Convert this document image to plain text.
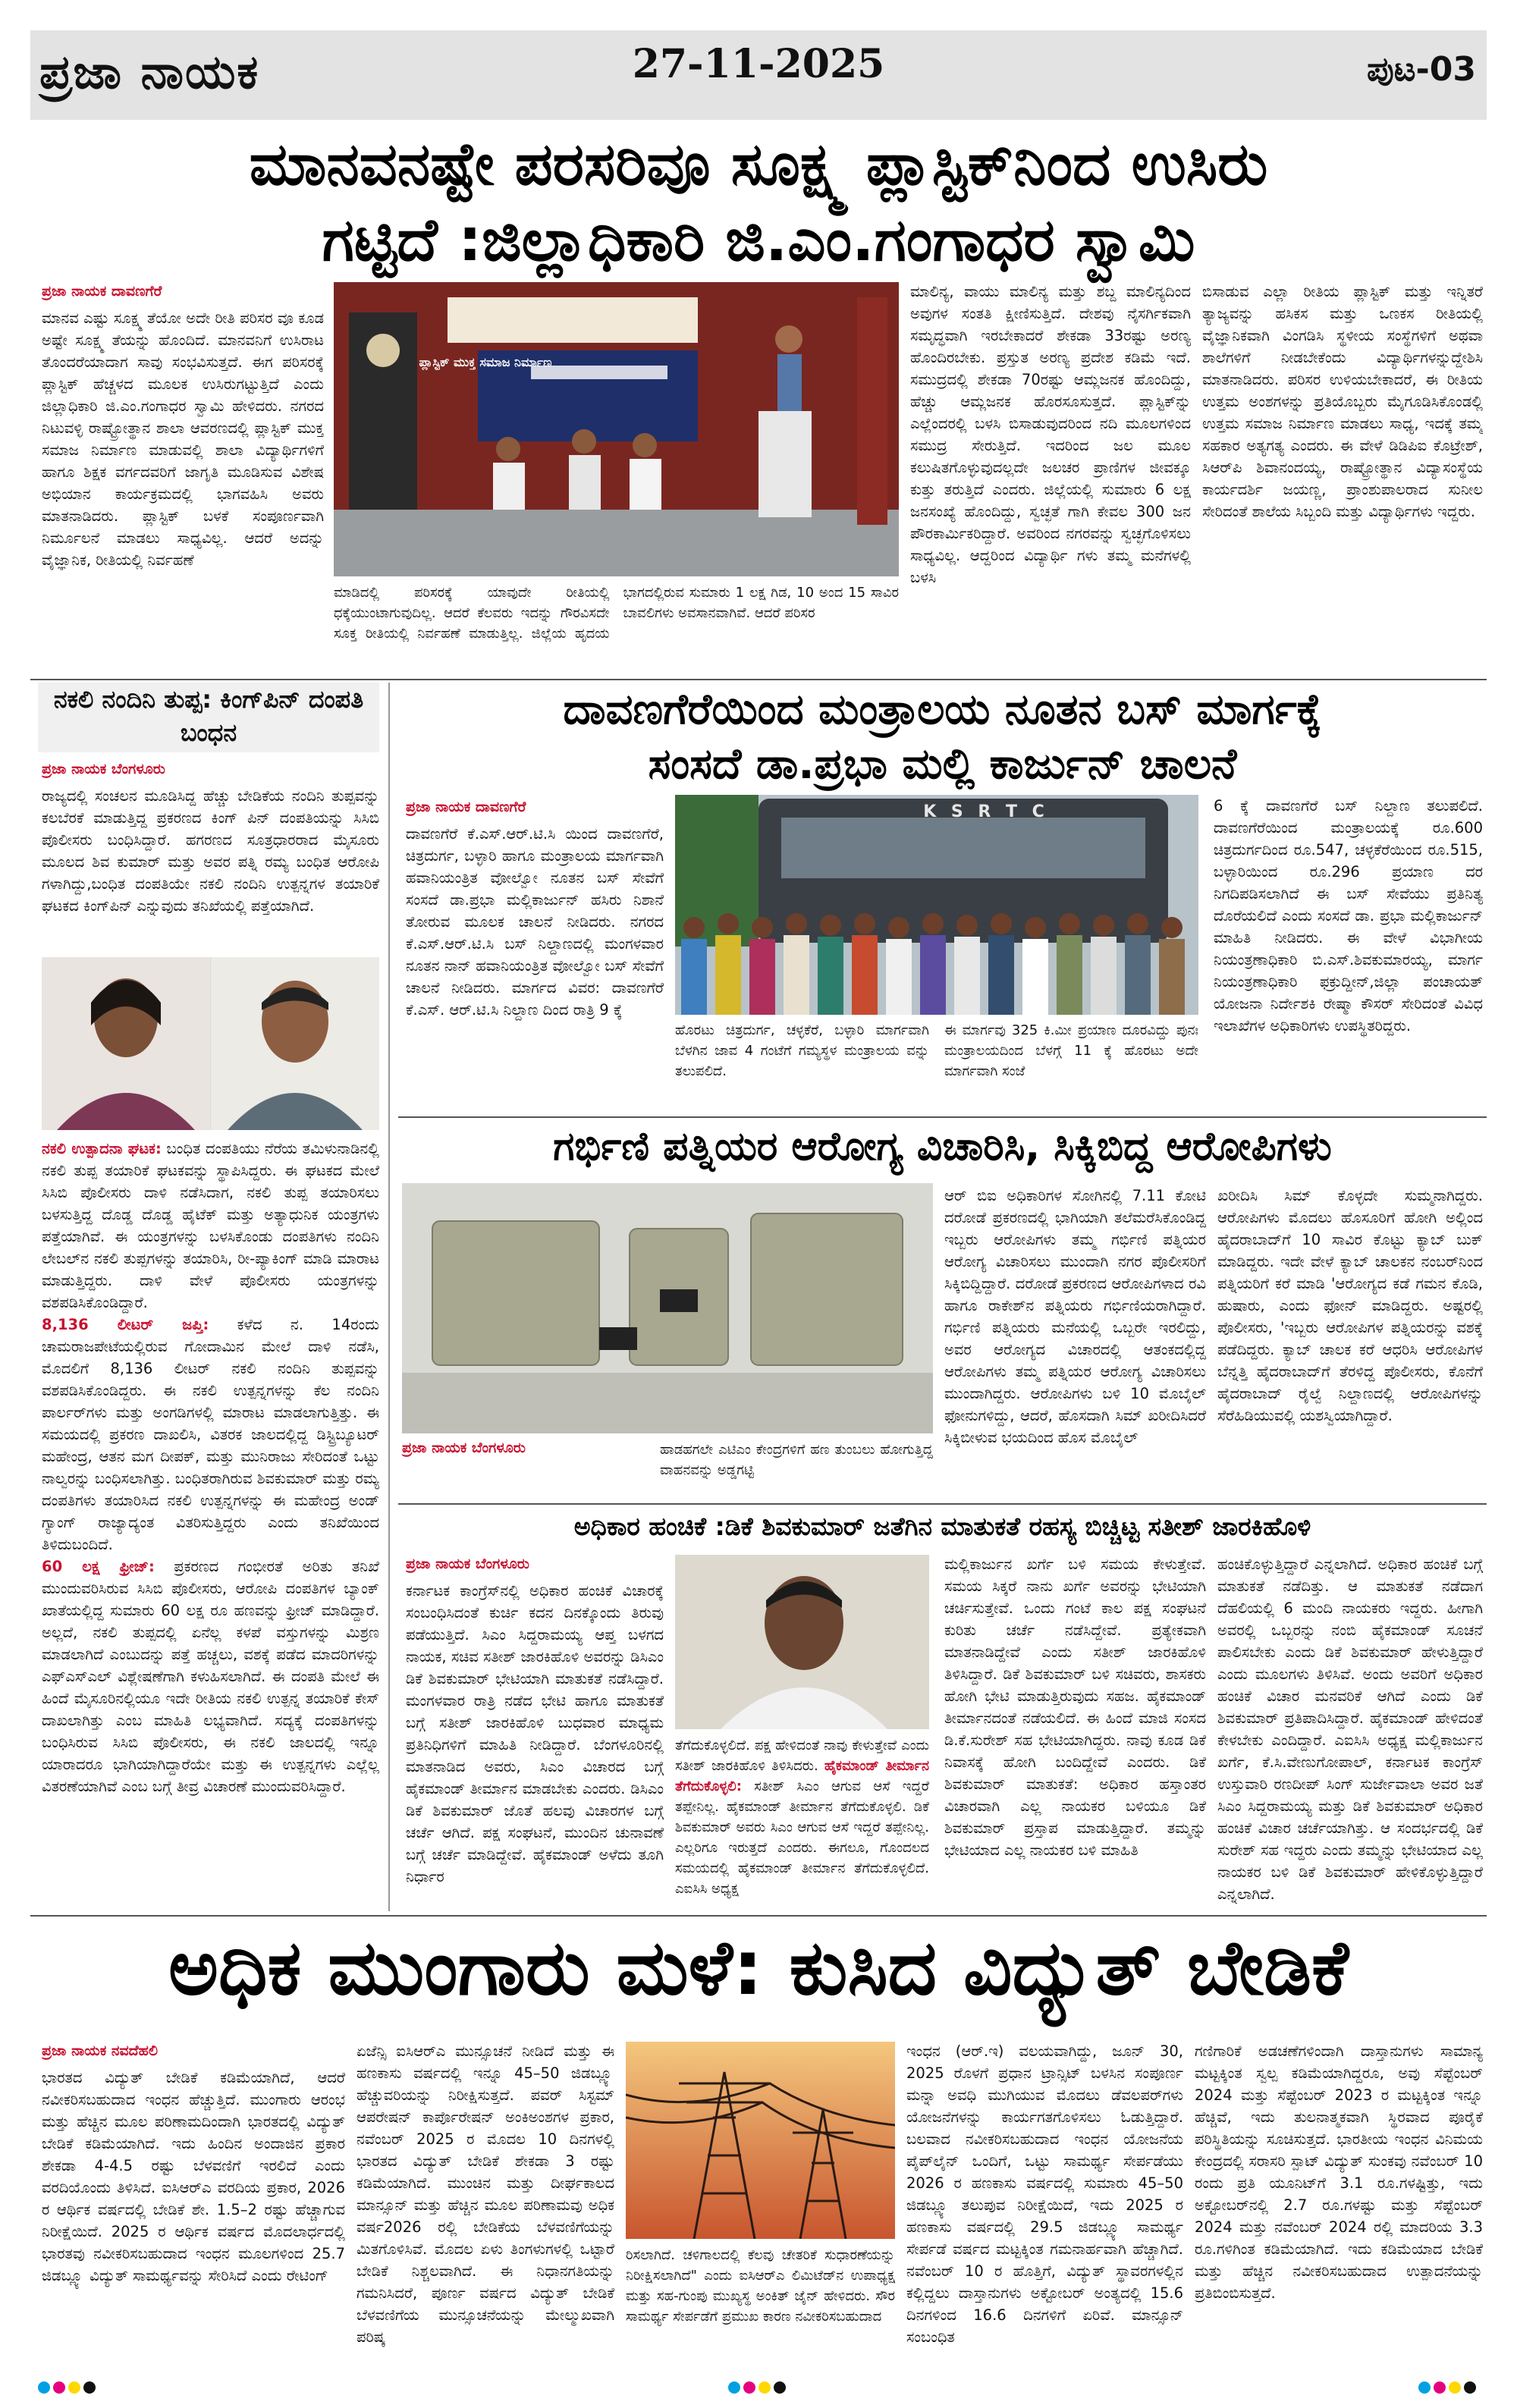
ಪ್ರಜಾ ನಾಯಕ	27-11-2025	ಪುಟ-03
ಮಾನವನಷ್ಟೇ ಪರಸರಿವೂ ಸೂಕ್ಷ್ಮ ಪ್ಲಾಸ್ಟಿಕ್‌ನಿಂದ ಉಸಿರು
ಗಟ್ಟಿದೆ :ಜಿಲ್ಲಾಧಿಕಾರಿ ಜಿ.ಎಂ.ಗಂಗಾಧರ ಸ್ವಾಮಿ
ಪ್ರಜಾ ನಾಯಕ ದಾವಣಗೆರೆ

ಮಾನವ ಎಷ್ಟು ಸೂಕ್ಷ್ಮ ತೆಯೋ ಅದೇ ರೀತಿ ಪರಿಸರ ವೂ ಕೂಡ ಅಷ್ಟೇ ಸೂಕ್ಷ್ಮ ತೆಯನ್ನು ಹೊಂದಿದೆ. ಮಾನವನಿಗೆ ಉಸಿರಾಟ ತೊಂದರೆಯಾದಾಗ ಸಾವು ಸಂಭವಿಸುತ್ತದೆ. ಈಗ ಪರಿಸರಕ್ಕೆ ಪ್ಲಾಸ್ಟಿಕ್ ಹೆಚ್ಚಳದ ಮೂಲಕ ಉಸಿರುಗಟ್ಟುತ್ತಿದೆ ಎಂದು ಜಿಲ್ಲಾಧಿಕಾರಿ ಜಿ.ಎಂ.ಗಂಗಾಧರ ಸ್ವಾಮಿ ಹೇಳಿದರು. ನಗರದ ನಿಟುವಳ್ಳಿ ರಾಷ್ಟ್ರೋತ್ಥಾನ ಶಾಲಾ ಆವರಣದಲ್ಲಿ ಪ್ಲಾಸ್ಟಿಕ್ ಮುಕ್ತ ಸಮಾಜ ನಿರ್ಮಾಣ ಮಾಡುವಲ್ಲಿ ಶಾಲಾ ವಿದ್ಯಾರ್ಥಿಗಳಿಗೆ ಹಾಗೂ ಶಿಕ್ಷಕ ವರ್ಗದವರಿಗೆ ಜಾಗೃತಿ ಮೂಡಿಸುವ ವಿಶೇಷ ಅಭಿಯಾನ ಕಾರ್ಯಕ್ರಮದಲ್ಲಿ ಭಾಗವಹಿಸಿ ಅವರು ಮಾತನಾಡಿದರು. ಪ್ಲಾಸ್ಟಿಕ್ ಬಳಕೆ ಸಂಪೂರ್ಣವಾಗಿ ನಿರ್ಮೂಲನೆ ಮಾಡಲು ಸಾಧ್ಯವಿಲ್ಲ. ಆದರೆ ಅದನ್ನು ವೈಜ್ಞಾನಿಕ, ರೀತಿಯಲ್ಲಿ ನಿರ್ವಹಣೆ

ಪ್ಲಾಸ್ಟಿಕ್ ಮುಕ್ತ ಸಮಾಜ ನಿರ್ಮಾಣ
ಮಾಡಿದಲ್ಲಿ ಪರಿಸರಕ್ಕೆ ಯಾವುದೇ ರೀತಿಯಲ್ಲಿ ಧಕ್ಕೆಯುಂಟಾಗುವುದಿಲ್ಲ. ಆದರೆ ಕೆಲವರು ಇದನ್ನು ಗೌರವಿಸದೇ ಸೂಕ್ತ ರೀತಿಯಲ್ಲಿ ನಿರ್ವಹಣೆ ಮಾಡುತ್ತಿಲ್ಲ. ಜಿಲ್ಲೆಯ ಹೃದಯ ಭಾಗದಲ್ಲಿರುವ ಸುಮಾರು 1 ಲಕ್ಷ ಗಿಡ, 10 ಅಂದ 15 ಸಾವಿರ ಬಾವಲಿಗಳು ಅವಸಾನವಾಗಿವೆ. ಆದರೆ ಪರಿಸರ
ಮಾಲಿನ್ಯ, ವಾಯು ಮಾಲಿನ್ಯ ಮತ್ತು ಶಬ್ದ ಮಾಲಿನ್ಯದಿಂದ ಅವುಗಳ ಸಂತತಿ ಕ್ಷೀಣಿಸುತ್ತಿದೆ. ದೇಶವು ನೈಸರ್ಗಿಕವಾಗಿ ಸಮೃದ್ಧವಾಗಿ ಇರಬೇಕಾದರೆ ಶೇಕಡಾ 33ರಷ್ಟು ಅರಣ್ಯ ಹೊಂದಿರಬೇಕು. ಪ್ರಸ್ತುತ ಅರಣ್ಯ ಪ್ರದೇಶ ಕಡಿಮೆ ಇದೆ. ಸಮುದ್ರದಲ್ಲಿ ಶೇಕಡಾ 70ರಷ್ಟು ಆಮ್ಲಜನಕ ಹೊಂದಿದ್ದು, ಹೆಚ್ಚು ಆಮ್ಲಜನಕ ಹೊರಸೂಸುತ್ತದೆ. ಪ್ಲಾಸ್ಟಿಕ್‌ನ್ನು ಎಲ್ಲೆಂದರಲ್ಲಿ ಬಳಸಿ ಬಿಸಾಡುವುದರಿಂದ ನದಿ ಮೂಲಗಳಿಂದ ಸಮುದ್ರ ಸೇರುತ್ತಿದೆ. ಇದರಿಂದ ಜಲ ಮೂಲ ಕಲುಷಿತಗೊಳ್ಳುವುದಲ್ಲದೇ ಜಲಚರ ಪ್ರಾಣಿಗಳ ಜೀವಕ್ಕೂ ಕುತ್ತು ತರುತ್ತಿದೆ ಎಂದರು. ಜಿಲ್ಲೆಯಲ್ಲಿ ಸುಮಾರು 6 ಲಕ್ಷ ಜನಸಂಖ್ಯೆ ಹೊಂದಿದ್ದು, ಸ್ವಚ್ಛತೆ ಗಾಗಿ ಕೇವಲ 300 ಜನ ಪೌರಕಾರ್ಮಿಕರಿದ್ದಾರೆ. ಅವರಿಂದ ನಗರವನ್ನು ಸ್ವಚ್ಛಗೊಳಿಸಲು ಸಾಧ್ಯವಿಲ್ಲ. ಆದ್ದರಿಂದ ವಿದ್ಯಾರ್ಥಿ ಗಳು ತಮ್ಮ ಮನೆಗಳಲ್ಲಿ ಬಳಸಿ
ಬಿಸಾಡುವ ಎಲ್ಲಾ ರೀತಿಯ ಪ್ಲಾಸ್ಟಿಕ್ ಮತ್ತು ಇನ್ನಿತರೆ ತ್ಯಾಜ್ಯವನ್ನು ಹಸಿಕಸ ಮತ್ತು ಒಣಕಸ ರೀತಿಯಲ್ಲಿ ವೈಜ್ಞಾನಿಕವಾಗಿ ವಿಂಗಡಿಸಿ ಸ್ಥಳೀಯ ಸಂಸ್ಥೆಗಳಿಗೆ ಅಥವಾ ಶಾಲೆಗಳಿಗೆ ನೀಡಬೇಕೆಂದು ವಿದ್ಯಾರ್ಥಿಗಳನ್ನುದ್ದೇಶಿಸಿ ಮಾತನಾಡಿದರು. ಪರಿಸರ ಉಳಿಯಬೇಕಾದರೆ, ಈ ರೀತಿಯ ಉತ್ತಮ ಅಂಶಗಳನ್ನು ಪ್ರತಿಯೊಬ್ಬರು ಮೈಗೂಡಿಸಿಕೊಂಡಲ್ಲಿ ಉತ್ತಮ ಸಮಾಜ ನಿರ್ಮಾಣ ಮಾಡಲು ಸಾಧ್ಯ, ಇದಕ್ಕೆ ತಮ್ಮ ಸಹಕಾರ ಅತ್ಯಗತ್ಯ ಎಂದರು. ಈ ವೇಳೆ ಡಿಡಿಪಿಐ ಕೊಟ್ರೇಶ್, ಸಿಆರ್‌ಪಿ ಶಿವಾನಂದಯ್ಯ, ರಾಷ್ಟ್ರೋತ್ಥಾನ ವಿದ್ಯಾಸಂಸ್ಥೆಯ ಕಾರ್ಯದರ್ಶಿ ಜಯಣ್ಣ, ಪ್ರಾಂಶುಪಾಲರಾದ ಸುನೀಲ ಸೇರಿದಂತೆ ಶಾಲೆಯ ಸಿಬ್ಬಂದಿ ಮತ್ತು ವಿದ್ಯಾರ್ಥಿಗಳು ಇದ್ದರು.
ನಕಲಿ ನಂದಿನಿ ತುಪ್ಪ: ಕಿಂಗ್‌ಪಿನ್ ದಂಪತಿ ಬಂಧನ
ಪ್ರಜಾ ನಾಯಕ ಬೆಂಗಳೂರು

ರಾಜ್ಯದಲ್ಲಿ ಸಂಚಲನ ಮೂಡಿಸಿದ್ದ ಹೆಚ್ಚು ಬೇಡಿಕೆಯ ನಂದಿನಿ ತುಪ್ಪವನ್ನು ಕಲಬೆರಕೆ ಮಾಡುತ್ತಿದ್ದ ಪ್ರಕರಣದ ಕಿಂಗ್ ಪಿನ್ ದಂಪತಿಯನ್ನು ಸಿಸಿಬಿ ಪೊಲೀಸರು ಬಂಧಿಸಿದ್ದಾರೆ. ಹಗರಣದ ಸೂತ್ರಧಾರರಾದ ಮೈಸೂರು ಮೂಲದ ಶಿವ ಕುಮಾರ್ ಮತ್ತು ಅವರ ಪತ್ನಿ ರಮ್ಯ ಬಂಧಿತ ಆರೋಪಿ ಗಳಾಗಿದ್ದು,ಬಂಧಿತ ದಂಪತಿಯೇ ನಕಲಿ ನಂದಿನಿ ಉತ್ಪನ್ನಗಳ ತಯಾರಿಕೆ ಘಟಕದ ಕಿಂಗ್‌ಪಿನ್ ಎನ್ನುವುದು ತನಿಖೆಯಲ್ಲಿ ಪತ್ತೆಯಾಗಿದೆ.

ನಕಲಿ ಉತ್ಪಾದನಾ ಘಟಕ: ಬಂಧಿತ ದಂಪತಿಯು ನೆರೆಯ ತಮಿಳುನಾಡಿನಲ್ಲಿ ನಕಲಿ ತುಪ್ಪ ತಯಾರಿಕೆ ಘಟಕವನ್ನು ಸ್ಥಾಪಿಸಿದ್ದರು. ಈ ಘಟಕದ ಮೇಲೆ ಸಿಸಿಬಿ ಪೊಲೀಸರು ದಾಳಿ ನಡೆಸಿದಾಗ, ನಕಲಿ ತುಪ್ಪ ತಯಾರಿಸಲು ಬಳಸುತ್ತಿದ್ದ ದೊಡ್ಡ ದೊಡ್ಡ ಹೈಟೆಕ್ ಮತ್ತು ಅತ್ಯಾಧುನಿಕ ಯಂತ್ರಗಳು ಪತ್ತೆಯಾಗಿವೆ. ಈ ಯಂತ್ರಗಳನ್ನು ಬಳಸಿಕೊಂಡು ದಂಪತಿಗಳು ನಂದಿನಿ ಲೇಬಲ್‌ನ ನಕಲಿ ತುಪ್ಪಗಳನ್ನು ತಯಾರಿಸಿ, ರೀ-ಪ್ಯಾಕಿಂಗ್ ಮಾಡಿ ಮಾರಾಟ ಮಾಡುತ್ತಿದ್ದರು. ದಾಳಿ ವೇಳೆ ಪೊಲೀಸರು ಯಂತ್ರಗಳನ್ನು ವಶಪಡಿಸಿಕೊಂಡಿದ್ದಾರೆ.

8,136 ಲೀಟರ್ ಜಪ್ತಿ: ಕಳೆದ ನ. 14ರಂದು ಚಾಮರಾಜಪೇಟೆಯಲ್ಲಿರುವ ಗೋದಾಮಿನ ಮೇಲೆ ದಾಳಿ ನಡೆಸಿ, ಮೊದಲಿಗೆ 8,136 ಲೀಟರ್ ನಕಲಿ ನಂದಿನಿ ತುಪ್ಪವನ್ನು ವಶಪಡಿಸಿಕೊಂಡಿದ್ದರು. ಈ ನಕಲಿ ಉತ್ಪನ್ನಗಳನ್ನು ಕೆಲ ನಂದಿನಿ ಪಾರ್ಲರ್‌ಗಳು ಮತ್ತು ಅಂಗಡಿಗಳಲ್ಲಿ ಮಾರಾಟ ಮಾಡಲಾಗುತ್ತಿತ್ತು. ಈ ಸಮಯದಲ್ಲಿ ಪ್ರಕರಣ ದಾಖಲಿಸಿ, ವಿತರಕ ಜಾಲದಲ್ಲಿದ್ದ ಡಿಸ್ಟ್ರಿಬ್ಯೂಟರ್ ಮಹೇಂದ್ರ, ಆತನ ಮಗ ದೀಪಕ್, ಮತ್ತು ಮುನಿರಾಜು ಸೇರಿದಂತೆ ಒಟ್ಟು ನಾಲ್ವರನ್ನು ಬಂಧಿಸಲಾಗಿತ್ತು. ಬಂಧಿತರಾಗಿರುವ ಶಿವಕುಮಾರ್ ಮತ್ತು ರಮ್ಯ ದಂಪತಿಗಳು ತಯಾರಿಸಿದ ನಕಲಿ ಉತ್ಪನ್ನಗಳನ್ನು ಈ ಮಹೇಂದ್ರ ಅಂಡ್ ಗ್ಯಾಂಗ್ ರಾಜ್ಯಾದ್ಯಂತ ವಿತರಿಸುತ್ತಿದ್ದರು ಎಂದು ತನಿಖೆಯಿಂದ ತಿಳಿದುಬಂದಿದೆ.

60 ಲಕ್ಷ ಫ್ರೀಜ್: ಪ್ರಕರಣದ ಗಂಭೀರತೆ ಅರಿತು ತನಿಖೆ ಮುಂದುವರಿಸಿರುವ ಸಿಸಿಬಿ ಪೊಲೀಸರು, ಆರೋಪಿ ದಂಪತಿಗಳ ಬ್ಯಾಂಕ್ ಖಾತೆಯಲ್ಲಿದ್ದ ಸುಮಾರು 60 ಲಕ್ಷ ರೂ ಹಣವನ್ನು ಫ್ರೀಜ್ ಮಾಡಿದ್ದಾರೆ. ಅಲ್ಲದೆ, ನಕಲಿ ತುಪ್ಪದಲ್ಲಿ ಏನೆಲ್ಲ ಕಳಪೆ ವಸ್ತುಗಳನ್ನು ಮಿಶ್ರಣ ಮಾಡಲಾಗಿದೆ ಎಂಬುದನ್ನು ಪತ್ತೆ ಹಚ್ಚಲು, ವಶಕ್ಕೆ ಪಡೆದ ಮಾದರಿಗಳನ್ನು ಎಫ್‌ಎಸ್‌ಎಲ್ ವಿಶ್ಲೇಷಣೆಗಾಗಿ ಕಳುಹಿಸಲಾಗಿದೆ. ಈ ದಂಪತಿ ಮೇಲೆ ಈ ಹಿಂದೆ ಮೈಸೂರಿನಲ್ಲಿಯೂ ಇದೇ ರೀತಿಯ ನಕಲಿ ಉತ್ಪನ್ನ ತಯಾರಿಕೆ ಕೇಸ್ ದಾಖಲಾಗಿತ್ತು ಎಂಬ ಮಾಹಿತಿ ಲಭ್ಯವಾಗಿದೆ. ಸದ್ಯಕ್ಕೆ ದಂಪತಿಗಳನ್ನು ಬಂಧಿಸಿರುವ ಸಿಸಿಬಿ ಪೊಲೀಸರು, ಈ ನಕಲಿ ಜಾಲದಲ್ಲಿ ಇನ್ನೂ ಯಾರಾದರೂ ಭಾಗಿಯಾಗಿದ್ದಾರೆಯೇ ಮತ್ತು ಈ ಉತ್ಪನ್ನಗಳು ಎಲ್ಲೆಲ್ಲ ವಿತರಣೆಯಾಗಿವೆ ಎಂಬ ಬಗ್ಗೆ ತೀವ್ರ ವಿಚಾರಣೆ ಮುಂದುವರಿಸಿದ್ದಾರೆ.

ದಾವಣಗೆರೆಯಿಂದ ಮಂತ್ರಾಲಯ ನೂತನ ಬಸ್ ಮಾರ್ಗಕ್ಕೆ
ಸಂಸದೆ ಡಾ.ಪ್ರಭಾ ಮಲ್ಲಿ ಕಾರ್ಜುನ್ ಚಾಲನೆ
ಪ್ರಜಾ ನಾಯಕ ದಾವಣಗೆರೆ

ದಾವಣಗೆರೆ ಕೆ.ಎಸ್.ಆರ್.ಟಿ.ಸಿ ಯಿಂದ ದಾವಣಗೆರೆ, ಚಿತ್ರದುರ್ಗ, ಬಳ್ಳಾರಿ ಹಾಗೂ ಮಂತ್ರಾಲಯ ಮಾರ್ಗವಾಗಿ ಹವಾನಿಯಂತ್ರಿತ ವೋಲ್ವೋ ನೂತನ ಬಸ್ ಸೇವೆಗೆ ಸಂಸದೆ ಡಾ.ಪ್ರಭಾ ಮಲ್ಲಿಕಾರ್ಜುನ್ ಹಸಿರು ನಿಶಾನೆ ತೋರುವ ಮೂಲಕ ಚಾಲನೆ ನೀಡಿದರು. ನಗರದ ಕೆ.ಎಸ್.ಆರ್.ಟಿ.ಸಿ ಬಸ್ ನಿಲ್ದಾಣದಲ್ಲಿ ಮಂಗಳವಾರ ನೂತನ ನಾನ್ ಹವಾನಿಯಂತ್ರಿತ ವೋಲ್ವೋ ಬಸ್ ಸೇವೆಗೆ ಚಾಲನೆ ನೀಡಿದರು. ಮಾರ್ಗದ ವಿವರ: ದಾವಣಗೆರೆ ಕೆ.ಎಸ್. ಆರ್.ಟಿ.ಸಿ ನಿಲ್ದಾಣ ದಿಂದ ರಾತ್ರಿ 9 ಕ್ಕೆ

K S R T C
ಹೊರಟು ಚಿತ್ರದುರ್ಗ, ಚಳ್ಳಕೆರೆ, ಬಳ್ಳಾರಿ ಮಾರ್ಗವಾಗಿ ಬೆಳಗಿನ ಜಾವ 4 ಗಂಟೆಗೆ ಗಮ್ಯಸ್ಥಳ ಮಂತ್ರಾಲಯ ವನ್ನು ತಲುಪಲಿದೆ.
ಈ ಮಾರ್ಗವು 325 ಕಿ.ಮೀ ಪ್ರಯಾಣ ದೂರವಿದ್ದು ಪುನಃ ಮಂತ್ರಾಲಯದಿಂದ ಬೆಳಗ್ಗೆ 11 ಕ್ಕೆ ಹೊರಟು ಅದೇ ಮಾರ್ಗವಾಗಿ ಸಂಜೆ
6 ಕ್ಕೆ ದಾವಣಗೆರೆ ಬಸ್ ನಿಲ್ದಾಣ ತಲುಪಲಿದೆ. ದಾವಣಗೆರೆಯಿಂದ ಮಂತ್ರಾಲಯಕ್ಕೆ ರೂ.600 ಚಿತ್ರದುರ್ಗದಿಂದ ರೂ.547, ಚಳ್ಳಕೆರೆಯಿಂದ ರೂ.515, ಬಳ್ಳಾರಿಯಿಂದ ರೂ.296 ಪ್ರಯಾಣ ದರ ನಿಗದಿಪಡಿಸಲಾಗಿದೆ ಈ ಬಸ್ ಸೇವೆಯು ಪ್ರತಿನಿತ್ಯ ದೊರೆಯಲಿದೆ ಎಂದು ಸಂಸದೆ ಡಾ. ಪ್ರಭಾ ಮಲ್ಲಿಕಾರ್ಜುನ್ ಮಾಹಿತಿ ನೀಡಿದರು. ಈ ವೇಳೆ ವಿಭಾಗೀಯ ನಿಯಂತ್ರಣಾಧಿಕಾರಿ ಬಿ.ಎಸ್.ಶಿವಕುಮಾರಯ್ಯ, ಮಾರ್ಗ ನಿಯಂತ್ರಣಾಧಿಕಾರಿ ಫಕ್ರುದ್ದೀನ್,ಜಿಲ್ಲಾ ಪಂಚಾಯತ್ ಯೋಜನಾ ನಿರ್ದೇಶಕಿ ರೇಷ್ಮಾ ಕೌಸರ್ ಸೇರಿದಂತೆ ವಿವಿಧ ಇಲಾಖೆಗಳ ಅಧಿಕಾರಿಗಳು ಉಪಸ್ಥಿತರಿದ್ದರು.
ಗರ್ಭಿಣಿ ಪತ್ನಿಯರ ಆರೋಗ್ಯ ವಿಚಾರಿಸಿ, ಸಿಕ್ಕಿಬಿದ್ದ ಆರೋಪಿಗಳು
ಪ್ರಜಾ ನಾಯಕ ಬೆಂಗಳೂರು	ಹಾಡಹಗಲೇ ಎಟಿಎಂ ಕೇಂದ್ರಗಳಿಗೆ ಹಣ ತುಂಬಲು ಹೋಗುತ್ತಿದ್ದ ವಾಹನವನ್ನು ಅಡ್ಡಗಟ್ಟಿ
ಆರ್ ಬಿಐ ಅಧಿಕಾರಿಗಳ ಸೋಗಿನಲ್ಲಿ 7.11 ಕೋಟಿ ದರೋಡೆ ಪ್ರಕರಣದಲ್ಲಿ ಭಾಗಿಯಾಗಿ ತಲೆಮರೆಸಿಕೊಂಡಿದ್ದ ಇಬ್ಬರು ಆರೋಪಿಗಳು ತಮ್ಮ ಗರ್ಭಿಣಿ ಪತ್ನಿಯರ ಆರೋಗ್ಯ ವಿಚಾರಿಸಲು ಮುಂದಾಗಿ ನಗರ ಪೊಲೀಸರಿಗೆ ಸಿಕ್ಕಿಬಿದ್ದಿದ್ದಾರೆ. ದರೋಡೆ ಪ್ರಕರಣದ ಆರೋಪಿಗಳಾದ ರವಿ ಹಾಗೂ ರಾಕೇಶ್‌ನ ಪತ್ನಿಯರು ಗರ್ಭಿಣಿಯರಾಗಿದ್ದಾರೆ. ಗರ್ಭಿಣಿ ಪತ್ನಿಯರು ಮನೆಯಲ್ಲಿ ಒಬ್ಬರೇ ಇರಲಿದ್ದು, ಅವರ ಆರೋಗ್ಯದ ವಿಚಾರದಲ್ಲಿ ಆತಂಕದಲ್ಲಿದ್ದ ಆರೋಪಿಗಳು ತಮ್ಮ ಪತ್ನಿಯರ ಆರೋಗ್ಯ ವಿಚಾರಿಸಲು ಮುಂದಾಗಿದ್ದರು. ಆರೋಪಿಗಳು ಬಳಿ 10 ಮೊಬೈಲ್ ಫೋನುಗಳಿದ್ದು, ಆದರೆ, ಹೊಸದಾಗಿ ಸಿಮ್ ಖರೀದಿಸಿದರೆ ಸಿಕ್ಕಿಬೀಳುವ ಭಯದಿಂದ ಹೊಸ ಮೊಬೈಲ್
ಖರೀದಿಸಿ ಸಿಮ್ ಕೊಳ್ಳದೇ ಸುಮ್ಮನಾಗಿದ್ದರು. ಆರೋಪಿಗಳು ಮೊದಲು ಹೊಸೂರಿಗೆ ಹೋಗಿ ಅಲ್ಲಿಂದ ಹೈದರಾಬಾದ್‌ಗೆ 10 ಸಾವಿರ ಕೊಟ್ಟು ಕ್ಯಾಬ್ ಬುಕ್ ಮಾಡಿದ್ದರು. ಇದೇ ವೇಳೆ ಕ್ಯಾಬ್ ಚಾಲಕನ ನಂಬರ್‌ನಿಂದ ಪತ್ನಿಯರಿಗೆ ಕರೆ ಮಾಡಿ 'ಆರೋಗ್ಯದ ಕಡೆ ಗಮನ ಕೊಡಿ, ಹುಷಾರು, ಎಂದು ಫೋನ್ ಮಾಡಿದ್ದರು. ಅಷ್ಟರಲ್ಲಿ ಪೊಲೀಸರು, 'ಇಬ್ಬರು ಆರೋಪಿಗಳ ಪತ್ನಿಯರನ್ನು ವಶಕ್ಕೆ ಪಡೆದಿದ್ದರು. ಕ್ಯಾಬ್ ಚಾಲಕ ಕರೆ ಆಧರಿಸಿ ಆರೋಪಿಗಳ ಬೆನ್ನತ್ತಿ ಹೈದರಾಬಾದ್‌ಗೆ ತೆರಳಿದ್ದ ಪೊಲೀಸರು, ಕೊನೆಗೆ ಹೈದರಾಬಾದ್ ರೈಲ್ವೆ ನಿಲ್ದಾಣದಲ್ಲಿ ಆರೋಪಿಗಳನ್ನು ಸೆರೆಹಿಡಿಯುವಲ್ಲಿ ಯಶಸ್ವಿಯಾಗಿದ್ದಾರೆ.
ಅಧಿಕಾರ ಹಂಚಿಕೆ :ಡಿಕೆ ಶಿವಕುಮಾರ್ ಜತೆಗಿನ ಮಾತುಕತೆ ರಹಸ್ಯ ಬಿಚ್ಚಿಟ್ಟ ಸತೀಶ್ ಜಾರಕಿಹೊಳಿ
ಪ್ರಜಾ ನಾಯಕ ಬೆಂಗಳೂರು

ಕರ್ನಾಟಕ ಕಾಂಗ್ರೆಸ್‌ನಲ್ಲಿ ಅಧಿಕಾರ ಹಂಚಿಕೆ ವಿಚಾರಕ್ಕೆ ಸಂಬಂಧಿಸಿದಂತೆ ಕುರ್ಚಿ ಕದನ ದಿನಕ್ಕೊಂದು ತಿರುವು ಪಡೆಯುತ್ತಿದೆ. ಸಿಎಂ ಸಿದ್ದರಾಮಯ್ಯ ಆಪ್ತ ಬಳಗದ ನಾಯಕ, ಸಚಿವ ಸತೀಶ್ ಜಾರಕಿಹೊಳಿ ಅವರನ್ನು ಡಿಸಿಎಂ ಡಿಕೆ ಶಿವಕುಮಾರ್ ಭೇಟಿಯಾಗಿ ಮಾತುಕತೆ ನಡೆಸಿದ್ದಾರೆ. ಮಂಗಳವಾರ ರಾತ್ರಿ ನಡೆದ ಭೇಟಿ ಹಾಗೂ ಮಾತುಕತೆ ಬಗ್ಗೆ ಸತೀಶ್ ಜಾರಕಿಹೊಳಿ ಬುಧವಾರ ಮಾಧ್ಯಮ ಪ್ರತಿನಿಧಿಗಳಿಗೆ ಮಾಹಿತಿ ನೀಡಿದ್ದಾರೆ. ಬೆಂಗಳೂರಿನಲ್ಲಿ ಮಾತನಾಡಿದ ಅವರು, ಸಿಎಂ ವಿಚಾರದ ಬಗ್ಗೆ ಹೈಕಮಾಂಡ್ ತೀರ್ಮಾನ ಮಾಡಬೇಕು ಎಂದರು. ಡಿಸಿಎಂ ಡಿಕೆ ಶಿವಕುಮಾರ್ ಜೊತೆ ಹಲವು ವಿಚಾರಗಳ ಬಗ್ಗೆ ಚರ್ಚೆ ಆಗಿದೆ. ಪಕ್ಷ ಸಂಘಟನೆ, ಮುಂದಿನ ಚುನಾವಣೆ ಬಗ್ಗೆ ಚರ್ಚೆ ಮಾಡಿದ್ದೇವೆ. ಹೈಕಮಾಂಡ್ ಅಳೆದು ತೂಗಿ ನಿರ್ಧಾರ

ತೆಗೆದುಕೊಳ್ಳಲಿದೆ. ಪಕ್ಷ ಹೇಳಿದಂತೆ ನಾವು ಕೇಳುತ್ತೇವೆ ಎಂದು ಸತೀಶ್ ಜಾರಕಿಹೊಳಿ ತಿಳಿಸಿದರು. ಹೈಕಮಾಂಡ್ ತೀರ್ಮಾನ ತೆಗೆದುಕೊಳ್ಳಲಿ: ಸತೀಶ್ ಸಿಎಂ ಆಗುವ ಆಸೆ ಇದ್ದರೆ ತಪ್ಪೇನಿಲ್ಲ. ಹೈಕಮಾಂಡ್ ತೀರ್ಮಾನ ತೆಗೆದುಕೊಳ್ಳಲಿ. ಡಿಕೆ ಶಿವಕುಮಾರ್ ಅವರು ಸಿಎಂ ಆಗುವ ಆಸೆ ಇದ್ದರೆ ತಪ್ಪೇನಿಲ್ಲ. ಎಲ್ಲರಿಗೂ ಇರುತ್ತದೆ ಎಂದರು. ಈಗಲೂ, ಗೊಂದಲದ ಸಮಯದಲ್ಲಿ ಹೈಕಮಾಂಡ್ ತೀರ್ಮಾನ ತೆಗೆದುಕೊಳ್ಳಲಿದೆ. ಎಐಸಿಸಿ ಅಧ್ಯಕ್ಷ
ಮಲ್ಲಿಕಾರ್ಜುನ ಖರ್ಗೆ ಬಳಿ ಸಮಯ ಕೇಳುತ್ತೇವೆ. ಸಮಯ ಸಿಕ್ಕರೆ ನಾನು ಖರ್ಗೆ ಅವರನ್ನು ಭೇಟಿಯಾಗಿ ಚರ್ಚಿಸುತ್ತೇವೆ. ಒಂದು ಗಂಟೆ ಕಾಲ ಪಕ್ಷ ಸಂಘಟನೆ ಕುರಿತು ಚರ್ಚೆ ನಡೆಸಿದ್ದೇವೆ. ಪ್ರತ್ಯೇಕವಾಗಿ ಮಾತನಾಡಿದ್ದೇವೆ ಎಂದು ಸತೀಶ್ ಜಾರಕಿಹೊಳಿ ತಿಳಿಸಿದ್ದಾರೆ. ಡಿಕೆ ಶಿವಕುಮಾರ್ ಬಳಿ ಸಚಿವರು, ಶಾಸಕರು ಹೋಗಿ ಭೇಟಿ ಮಾಡುತ್ತಿರುವುದು ಸಹಜ. ಹೈಕಮಾಂಡ್ ತೀರ್ಮಾನದಂತೆ ನಡೆಯಲಿದೆ. ಈ ಹಿಂದೆ ಮಾಜಿ ಸಂಸದ ಡಿ.ಕೆ.ಸುರೇಶ್ ಸಹ ಭೇಟಿಯಾಗಿದ್ದರು. ನಾವು ಕೂಡ ಡಿಕೆ ನಿವಾಸಕ್ಕೆ ಹೋಗಿ ಬಂದಿದ್ದೇವೆ ಎಂದರು. ಡಿಕೆ ಶಿವಕುಮಾರ್ ಮಾತುಕತೆ: ಅಧಿಕಾರ ಹಸ್ತಾಂತರ ವಿಚಾರವಾಗಿ ಎಲ್ಲ ನಾಯಕರ ಬಳಿಯೂ ಡಿಕೆ ಶಿವಕುಮಾರ್ ಪ್ರಸ್ತಾಪ ಮಾಡುತ್ತಿದ್ದಾರೆ. ತಮ್ಮನ್ನು ಭೇಟಿಯಾದ ಎಲ್ಲ ನಾಯಕರ ಬಳಿ ಮಾಹಿತಿ
ಹಂಚಿಕೊಳ್ಳುತ್ತಿದ್ದಾರೆ ಎನ್ನಲಾಗಿದೆ. ಅಧಿಕಾರ ಹಂಚಿಕೆ ಬಗ್ಗೆ ಮಾತುಕತೆ ನಡೆದಿತ್ತು. ಆ ಮಾತುಕತೆ ನಡೆದಾಗ ದೆಹಲಿಯಲ್ಲಿ 6 ಮಂದಿ ನಾಯಕರು ಇದ್ದರು. ಹೀಗಾಗಿ ಅವರಲ್ಲಿ ಒಬ್ಬರನ್ನು ನಂಬಿ ಹೈಕಮಾಂಡ್ ಸೂಚನೆ ಪಾಲಿಸಬೇಕು ಎಂದು ಡಿಕೆ ಶಿವಕುಮಾರ್ ಹೇಳುತ್ತಿದ್ದಾರೆ ಎಂದು ಮೂಲಗಳು ತಿಳಿಸಿವೆ. ಅಂದು ಅವರಿಗೆ ಅಧಿಕಾರ ಹಂಚಿಕೆ ವಿಚಾರ ಮನವರಿಕೆ ಆಗಿದೆ ಎಂದು ಡಿಕೆ ಶಿವಕುಮಾರ್ ಪ್ರತಿಪಾದಿಸಿದ್ದಾರೆ. ಹೈಕಮಾಂಡ್ ಹೇಳಿದಂತೆ ಕೇಳಬೇಕು ಎಂದಿದ್ದಾರೆ. ಎಐಸಿಸಿ ಅಧ್ಯಕ್ಷ ಮಲ್ಲಿಕಾರ್ಜುನ ಖರ್ಗೆ, ಕೆ.ಸಿ.ವೇಣುಗೋಪಾಲ್, ಕರ್ನಾಟಕ ಕಾಂಗ್ರೆಸ್ ಉಸ್ತುವಾರಿ ರಣದೀಪ್ ಸಿಂಗ್ ಸುರ್ಜೇವಾಲಾ ಅವರ ಜತೆ ಸಿಎಂ ಸಿದ್ದರಾಮಯ್ಯ ಮತ್ತು ಡಿಕೆ ಶಿವಕುಮಾರ್ ಅಧಿಕಾರ ಹಂಚಿಕೆ ವಿಚಾರ ಚರ್ಚೆಯಾಗಿತ್ತು. ಆ ಸಂದರ್ಭದಲ್ಲಿ ಡಿಕೆ ಸುರೇಶ್ ಸಹ ಇದ್ದರು ಎಂದು ತಮ್ಮನ್ನು ಭೇಟಿಯಾದ ಎಲ್ಲ ನಾಯಕರ ಬಳಿ ಡಿಕೆ ಶಿವಕುಮಾರ್ ಹೇಳಿಕೊಳ್ಳುತ್ತಿದ್ದಾರೆ ಎನ್ನಲಾಗಿದೆ.
ಅಧಿಕ ಮುಂಗಾರು ಮಳೆ: ಕುಸಿದ ವಿದ್ಯುತ್ ಬೇಡಿಕೆ
ಪ್ರಜಾ ನಾಯಕ ನವದೆಹಲಿ

ಭಾರತದ ವಿದ್ಯುತ್ ಬೇಡಿಕೆ ಕಡಿಮೆಯಾಗಿದೆ, ಆದರೆ ನವೀಕರಿಸಬಹುದಾದ ಇಂಧನ ಹೆಚ್ಚುತ್ತಿದೆ. ಮುಂಗಾರು ಆರಂಭ ಮತ್ತು ಹೆಚ್ಚಿನ ಮೂಲ ಪರಿಣಾಮದಿಂದಾಗಿ ಭಾರತದಲ್ಲಿ ವಿದ್ಯುತ್ ಬೇಡಿಕೆ ಕಡಿಮೆಯಾಗಿದೆ. ಇದು ಹಿಂದಿನ ಅಂದಾಜಿನ ಪ್ರಕಾರ ಶೇಕಡಾ 4-4.5 ರಷ್ಟು ಬೆಳವಣಿಗೆ ಇರಲಿದೆ ಎಂದು ವರದಿಯೊಂದು ತಿಳಿಸಿದೆ. ಐಸಿಆರ್‌ಎ ವರದಿಯ ಪ್ರಕಾರ, 2026 ರ ಆರ್ಥಿಕ ವರ್ಷದಲ್ಲಿ ಬೇಡಿಕೆ ಶೇ. 1.5–2 ರಷ್ಟು ಹೆಚ್ಚಾಗುವ ನಿರೀಕ್ಷೆಯಿದೆ. 2025 ರ ಆರ್ಥಿಕ ವರ್ಷದ ಮೊದಲಾರ್ಧದಲ್ಲಿ ಭಾರತವು ನವೀಕರಿಸಬಹುದಾದ ಇಂಧನ ಮೂಲಗಳಿಂದ 25.7 ಜಿಡಬ್ಲ್ಯೂ ವಿದ್ಯುತ್ ಸಾಮರ್ಥ್ಯವನ್ನು ಸೇರಿಸಿದೆ ಎಂದು ರೇಟಿಂಗ್

ಏಜೆನ್ಸಿ ಐಸಿಆರ್‌ಎ ಮುನ್ಸೂಚನೆ ನೀಡಿದೆ ಮತ್ತು ಈ ಹಣಕಾಸು ವರ್ಷದಲ್ಲಿ ಇನ್ನೂ 45–50 ಜಿಡಬ್ಲ್ಯೂ ಹೆಚ್ಚುವರಿಯನ್ನು ನಿರೀಕ್ಷಿಸುತ್ತದೆ. ಪವರ್ ಸಿಸ್ಟಮ್ ಆಪರೇಷನ್ ಕಾರ್ಪೊರೇಷನ್ ಅಂಕಿಅಂಶಗಳ ಪ್ರಕಾರ, ನವೆಂಬರ್ 2025 ರ ಮೊದಲ 10 ದಿನಗಳಲ್ಲಿ ಭಾರತದ ವಿದ್ಯುತ್ ಬೇಡಿಕೆ ಶೇಕಡಾ 3 ರಷ್ಟು ಕಡಿಮೆಯಾಗಿದೆ. ಮುಂಚಿನ ಮತ್ತು ದೀರ್ಘಕಾಲದ ಮಾನ್ಸೂನ್ ಮತ್ತು ಹೆಚ್ಚಿನ ಮೂಲ ಪರಿಣಾಮವು ಅಧಿಕ ವರ್ಷ2026 ರಲ್ಲಿ ಬೇಡಿಕೆಯ ಬೆಳವಣಿಗೆಯನ್ನು ಮಿತಗೊಳಿಸಿವೆ. ಮೊದಲ ಏಳು ತಿಂಗಳುಗಳಲ್ಲಿ ಒಟ್ಟಾರೆ ಬೇಡಿಕೆ ನಿಶ್ಚಲವಾಗಿದೆ. ಈ ನಿಧಾನಗತಿಯನ್ನು ಗಮನಿಸಿದರೆ, ಪೂರ್ಣ ವರ್ಷದ ವಿದ್ಯುತ್ ಬೇಡಿಕೆ ಬೆಳವಣಿಗೆಯ ಮುನ್ಸೂಚನೆಯನ್ನು ಮೇಲ್ಮುಖವಾಗಿ ಪರಿಷ್ಕ
ರಿಸಲಾಗಿದೆ. ಚಳಿಗಾಲದಲ್ಲಿ ಕೆಲವು ಚೇತರಿಕೆ ಸುಧಾರಣೆಯನ್ನು ನಿರೀಕ್ಷಿಸಲಾಗಿದೆ" ಎಂದು ಐಸಿಆರ್‌ಎ ಲಿಮಿಟೆಡ್‌ನ ಉಪಾಧ್ಯಕ್ಷ ಮತ್ತು ಸಹ-ಗುಂಪು ಮುಖ್ಯಸ್ಥ ಅಂಕಿತ್ ಜೈನ್ ಹೇಳಿದರು. ಸೌರ ಸಾಮರ್ಥ್ಯ ಸೇರ್ಪಡೆಗೆ ಪ್ರಮುಖ ಕಾರಣ ನವೀಕರಿಸಬಹುದಾದ
ಇಂಧನ (ಆರ್‌.ಇ) ವಲಯವಾಗಿದ್ದು, ಜೂನ್ 30, 2025 ರೊಳಗೆ ಪ್ರಧಾನ ಟ್ರಾನ್ಸಿಟ್ ಬಳಸಿನ ಸಂಪೂರ್ಣ ಮನ್ನಾ ಅವಧಿ ಮುಗಿಯುವ ಮೊದಲು ಡೆವಲಪರ್‌ಗಳು ಯೋಜನೆಗಳನ್ನು ಕಾರ್ಯಗತಗೊಳಿಸಲು ಓಡುತ್ತಿದ್ದಾರೆ. ಬಲವಾದ ನವೀಕರಿಸಬಹುದಾದ ಇಂಧನ ಯೋಜನೆಯ ಪೈಪ್‌ಲೈನ್ ಒಂದಿಗೆ, ಒಟ್ಟು ಸಾಮರ್ಥ್ಯ ಸೇರ್ಪಡೆಯು 2026 ರ ಹಣಕಾಸು ವರ್ಷದಲ್ಲಿ ಸುಮಾರು 45–50 ಜಿಡಬ್ಲ್ಯೂ ತಲುಪುವ ನಿರೀಕ್ಷೆಯಿದೆ, ಇದು 2025 ರ ಹಣಕಾಸು ವರ್ಷದಲ್ಲಿ 29.5 ಜಿಡಬ್ಲ್ಯೂ ಸಾಮರ್ಥ್ಯ ಸೇರ್ಪಡೆ ವರ್ಷದ ಮಟ್ಟಕ್ಕಿಂತ ಗಮನಾರ್ಹವಾಗಿ ಹೆಚ್ಚಾಗಿದೆ. ನವೆಂಬರ್ 10 ರ ಹೊತ್ತಿಗೆ, ವಿದ್ಯುತ್ ಸ್ಥಾವರಗಳಲ್ಲಿನ ಕಲ್ಲಿದ್ದಲು ದಾಸ್ತಾನುಗಳು ಅಕ್ಟೋಬರ್ ಅಂತ್ಯದಲ್ಲಿ 15.6 ದಿನಗಳಿಂದ 16.6 ದಿನಗಳಿಗೆ ಏರಿವೆ. ಮಾನ್ಸೂನ್ ಸಂಬಂಧಿತ
ಗಣಿಗಾರಿಕೆ ಅಡಚಣೆಗಳಿಂದಾಗಿ ದಾಸ್ತಾನುಗಳು ಸಾಮಾನ್ಯ ಮಟ್ಟಕ್ಕಿಂತ ಸ್ವಲ್ಪ ಕಡಿಮೆಯಾಗಿದ್ದರೂ, ಅವು ಸೆಪ್ಟೆಂಬರ್ 2024 ಮತ್ತು ಸೆಪ್ಟೆಂಬರ್ 2023 ರ ಮಟ್ಟಕ್ಕಿಂತ ಇನ್ನೂ ಹೆಚ್ಚಿವೆ, ಇದು ತುಲನಾತ್ಮಕವಾಗಿ ಸ್ಥಿರವಾದ ಪೂರೈಕೆ ಪರಿಸ್ಥಿತಿಯನ್ನು ಸೂಚಿಸುತ್ತದೆ. ಭಾರತೀಯ ಇಂಧನ ವಿನಿಮಯ ಕೇಂದ್ರದಲ್ಲಿ ಸರಾಸರಿ ಸ್ಪಾಟ್ ವಿದ್ಯುತ್ ಸುಂಕವು ನವೆಂಬರ್ 10 ರಂದು ಪ್ರತಿ ಯೂನಿಟ್‌ಗೆ 3.1 ರೂ.ಗಳಷ್ಟಿತ್ತು, ಇದು ಅಕ್ಟೋಬರ್‌ನಲ್ಲಿ 2.7 ರೂ.ಗಳಷ್ಟು ಮತ್ತು ಸೆಪ್ಟೆಂಬರ್ 2024 ಮತ್ತು ನವೆಂಬರ್ 2024 ರಲ್ಲಿ ಮಾದರಿಯ 3.3 ರೂ.ಗಳಿಗಿಂತ ಕಡಿಮೆಯಾಗಿದೆ. ಇದು ಕಡಿಮೆಯಾದ ಬೇಡಿಕೆ ಮತ್ತು ಹೆಚ್ಚಿನ ನವೀಕರಿಸಬಹುದಾದ ಉತ್ಪಾದನೆಯನ್ನು ಪ್ರತಿಬಿಂಬಿಸುತ್ತದೆ.
